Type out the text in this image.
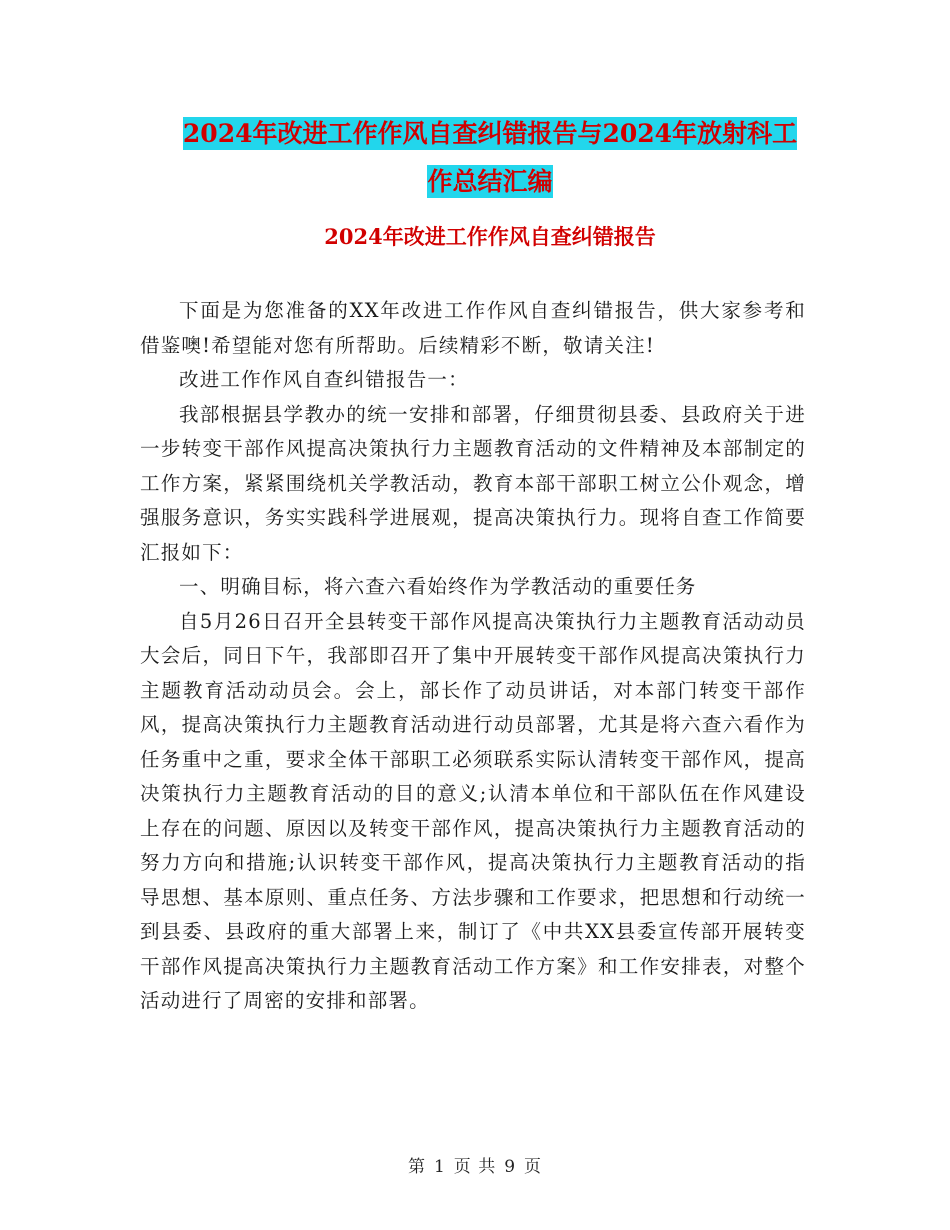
2024年改进工作作风自查纠错报告与2024年放射科工
作总结汇编
2024年改进工作作风自查纠错报告

下面是为您准备的XX年改进工作作风自查纠错报告，供大家参考和借鉴噢!希望能对您有所帮助。后续精彩不断，敬请关注!

改进工作作风自查纠错报告一：

我部根据县学教办的统一安排和部署，仔细贯彻县委、县政府关于进一步转变干部作风提高决策执行力主题教育活动的文件精神及本部制定的工作方案，紧紧围绕机关学教活动，教育本部干部职工树立公仆观念，增强服务意识，务实实践科学进展观，提高决策执行力。现将自查工作简要汇报如下：

一、明确目标，将六查六看始终作为学教活动的重要任务

自5月26日召开全县转变干部作风提高决策执行力主题教育活动动员大会后，同日下午，我部即召开了集中开展转变干部作风提高决策执行力主题教育活动动员会。会上，部长作了动员讲话，对本部门转变干部作风，提高决策执行力主题教育活动进行动员部署，尤其是将六查六看作为任务重中之重，要求全体干部职工必须联系实际认清转变干部作风，提高决策执行力主题教育活动的目的意义;认清本单位和干部队伍在作风建设上存在的问题、原因以及转变干部作风，提高决策执行力主题教育活动的努力方向和措施;认识转变干部作风，提高决策执行力主题教育活动的指导思想、基本原则、重点任务、方法步骤和工作要求，把思想和行动统一到县委、县政府的重大部署上来，制订了《中共XX县委宣传部开展转变干部作风提高决策执行力主题教育活动工作方案》和工作安排表，对整个活动进行了周密的安排和部署。

第 1 页 共 9 页
